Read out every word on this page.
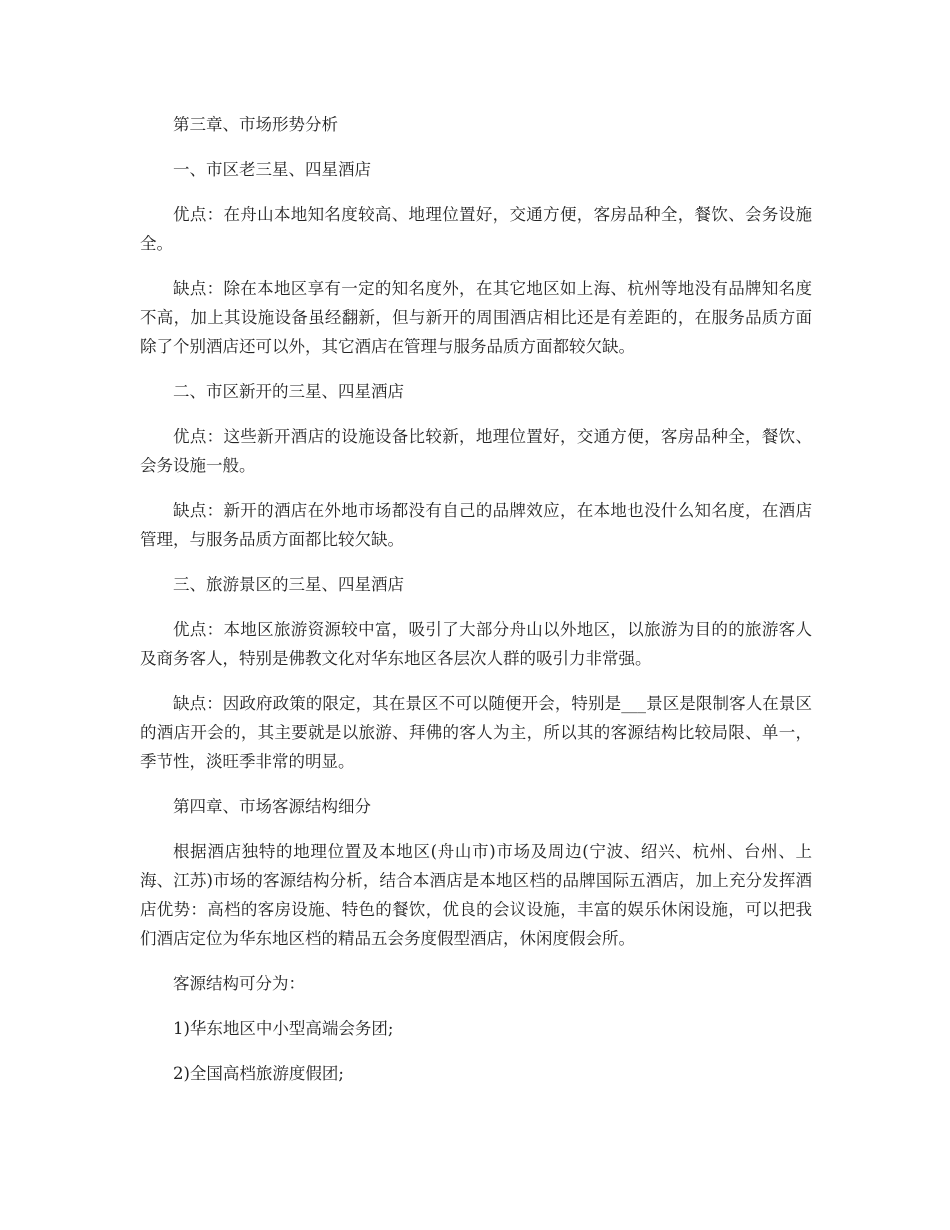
第三章、市场形势分析

一、市区老三星、四星酒店

优点：在舟山本地知名度较高、地理位置好，交通方便，客房品种全，餐饮、会务设施全。

缺点：除在本地区享有一定的知名度外，在其它地区如上海、杭州等地没有品牌知名度不高，加上其设施设备虽经翻新，但与新开的周围酒店相比还是有差距的，在服务品质方面除了个别酒店还可以外，其它酒店在管理与服务品质方面都较欠缺。

二、市区新开的三星、四星酒店

优点：这些新开酒店的设施设备比较新，地理位置好，交通方便，客房品种全，餐饮、会务设施一般。

缺点：新开的酒店在外地市场都没有自己的品牌效应，在本地也没什么知名度，在酒店管理，与服务品质方面都比较欠缺。

三、旅游景区的三星、四星酒店

优点：本地区旅游资源较中富，吸引了大部分舟山以外地区，以旅游为目的的旅游客人及商务客人，特别是佛教文化对华东地区各层次人群的吸引力非常强。

缺点：因政府政策的限定，其在景区不可以随便开会，特别是___景区是限制客人在景区的酒店开会的，其主要就是以旅游、拜佛的客人为主，所以其的客源结构比较局限、单一，季节性，淡旺季非常的明显。

第四章、市场客源结构细分

根据酒店独特的地理位置及本地区(舟山市)市场及周边(宁波、绍兴、杭州、台州、上海、江苏)市场的客源结构分析，结合本酒店是本地区档的品牌国际五酒店，加上充分发挥酒店优势：高档的客房设施、特色的餐饮，优良的会议设施，丰富的娱乐休闲设施，可以把我们酒店定位为华东地区档的精品五会务度假型酒店，休闲度假会所。

客源结构可分为：

1)华东地区中小型高端会务团;

2)全国高档旅游度假团;
